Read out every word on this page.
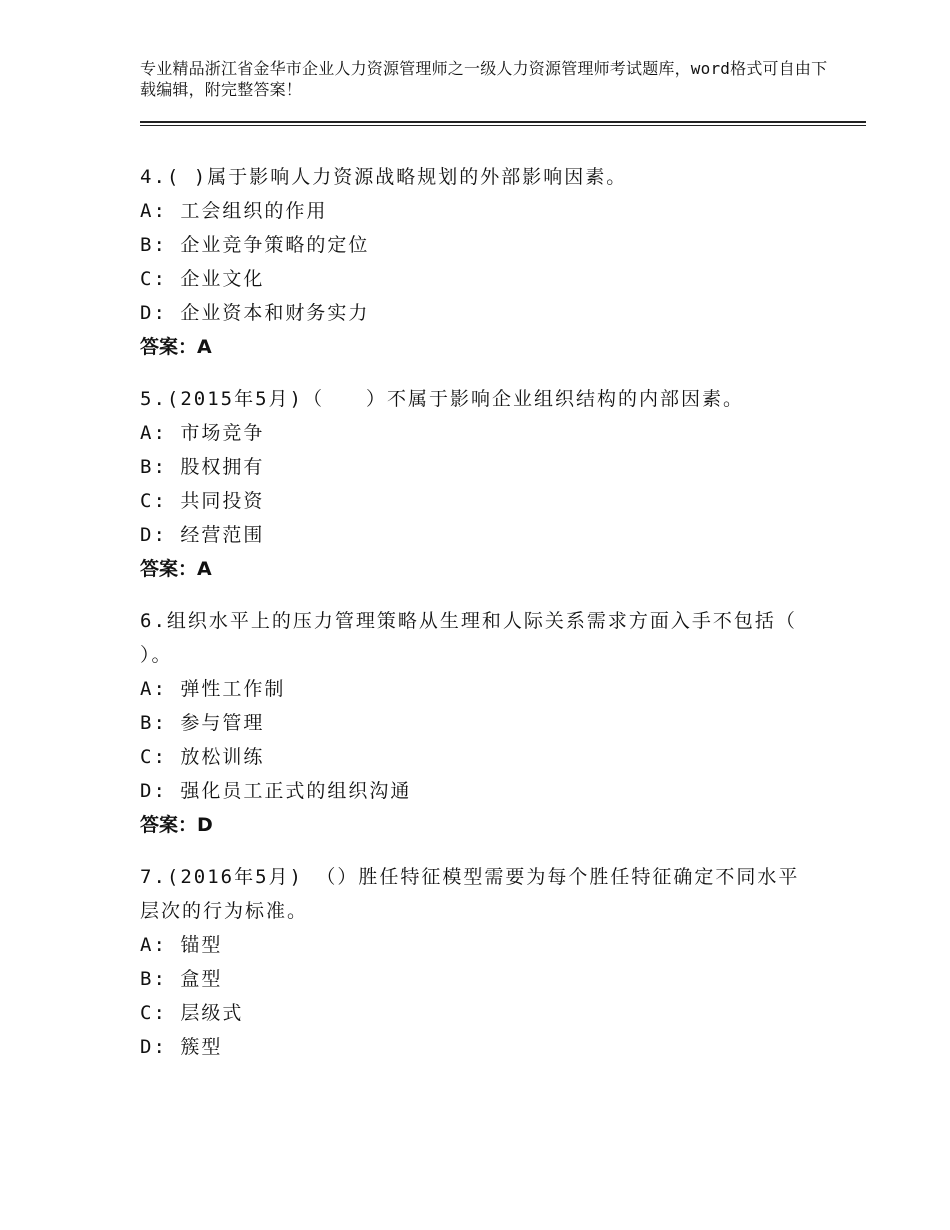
专业精品浙江省金华市企业人力资源管理师之一级人力资源管理师考试题库，word格式可自由下载编辑，附完整答案！

4.( )属于影响人力资源战略规划的外部影响因素。

A: 工会组织的作用

B: 企业竞争策略的定位

C: 企业文化

D: 企业资本和财务实力

答案：A

5.(2015年5月)（　　）不属于影响企业组织结构的内部因素。

A: 市场竞争

B: 股权拥有

C: 共同投资

D: 经营范围

答案：A

6.组织水平上的压力管理策略从生理和人际关系需求方面入手不包括（ ）。

A: 弹性工作制

B: 参与管理

C: 放松训练

D: 强化员工正式的组织沟通

答案：D

7.(2016年5月) （）胜任特征模型需要为每个胜任特征确定不同水平层次的行为标准。

A: 锚型

B: 盒型

C: 层级式

D: 簇型
